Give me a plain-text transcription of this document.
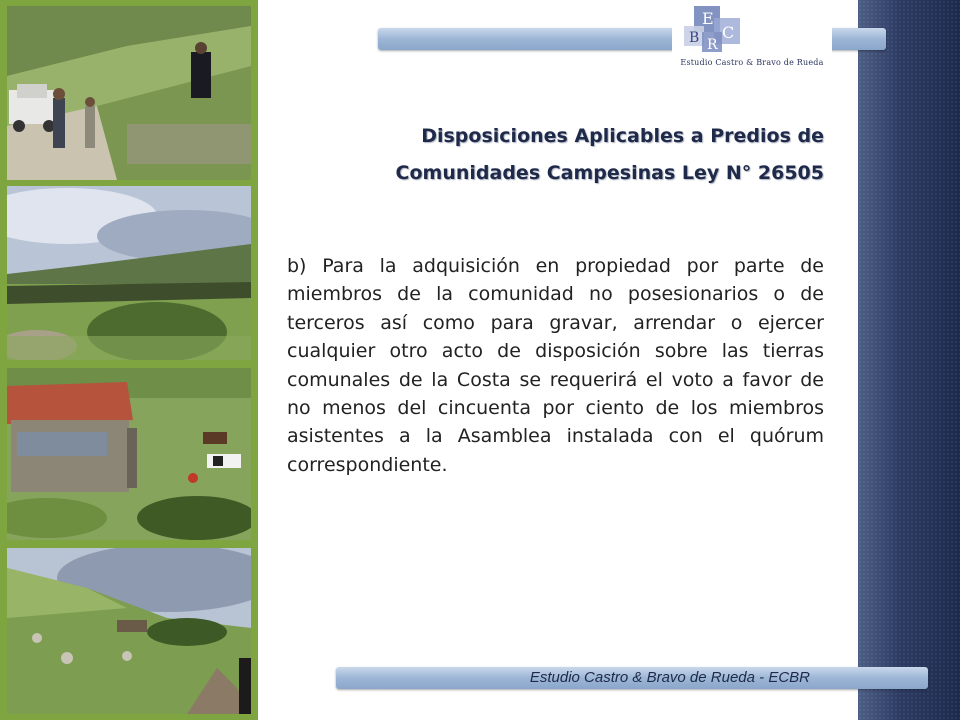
E
C
B R
Estudio Castro & Bravo de Rueda
Disposiciones Aplicables a Predios de
Comunidades Campesinas Ley N° 26505
b) Para la adquisición en propiedad por parte de miembros de la comunidad no posesionarios o de terceros así como para gravar, arrendar o ejercer cualquier otro acto de disposición sobre las tierras comunales de la Costa se requerirá el voto a favor de no menos del cincuenta por ciento de los miembros asistentes a la Asamblea instalada con el quórum correspondiente.
Estudio Castro & Bravo de Rueda - ECBR
